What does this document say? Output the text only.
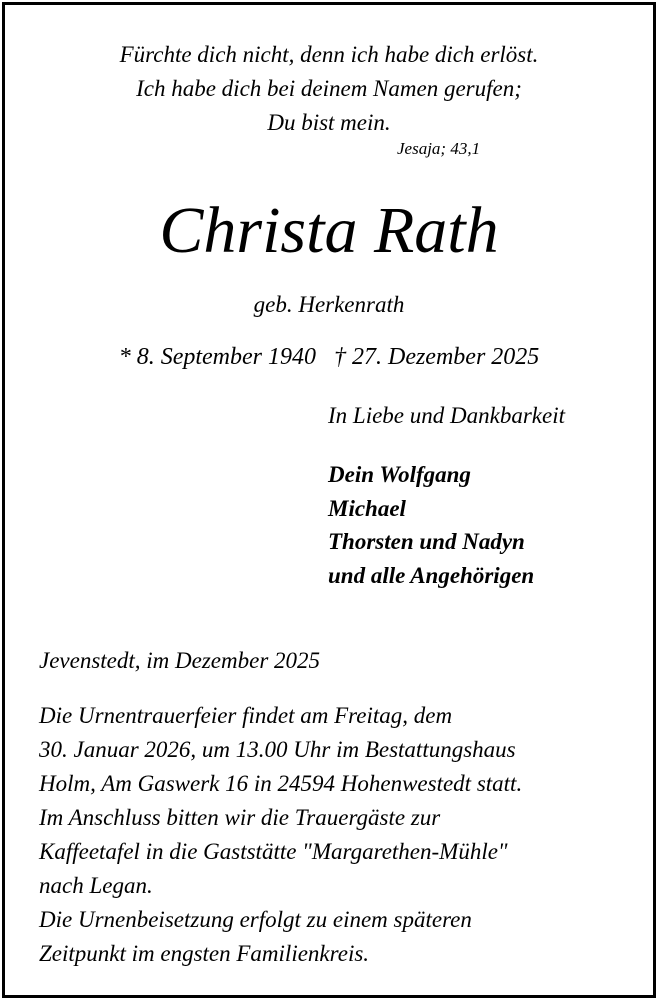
Fürchte dich nicht, denn ich habe dich erlöst.
Ich habe dich bei deinem Namen gerufen;
Du bist mein.
Jesaja; 43,1
Christa Rath
geb. Herkenrath
* 8. September 1940 † 27. Dezember 2025
In Liebe und Dankbarkeit
Dein Wolfgang
Michael
Thorsten und Nadyn
und alle Angehörigen
Jevenstedt, im Dezember 2025
Die Urnentrauerfeier findet am Freitag, dem
30. Januar 2026, um 13.00 Uhr im Bestattungshaus
Holm, Am Gaswerk 16 in 24594 Hohenwestedt statt.
Im Anschluss bitten wir die Trauergäste zur
Kaffeetafel in die Gaststätte "Margarethen-Mühle"
nach Legan.
Die Urnenbeisetzung erfolgt zu einem späteren
Zeitpunkt im engsten Familienkreis.
